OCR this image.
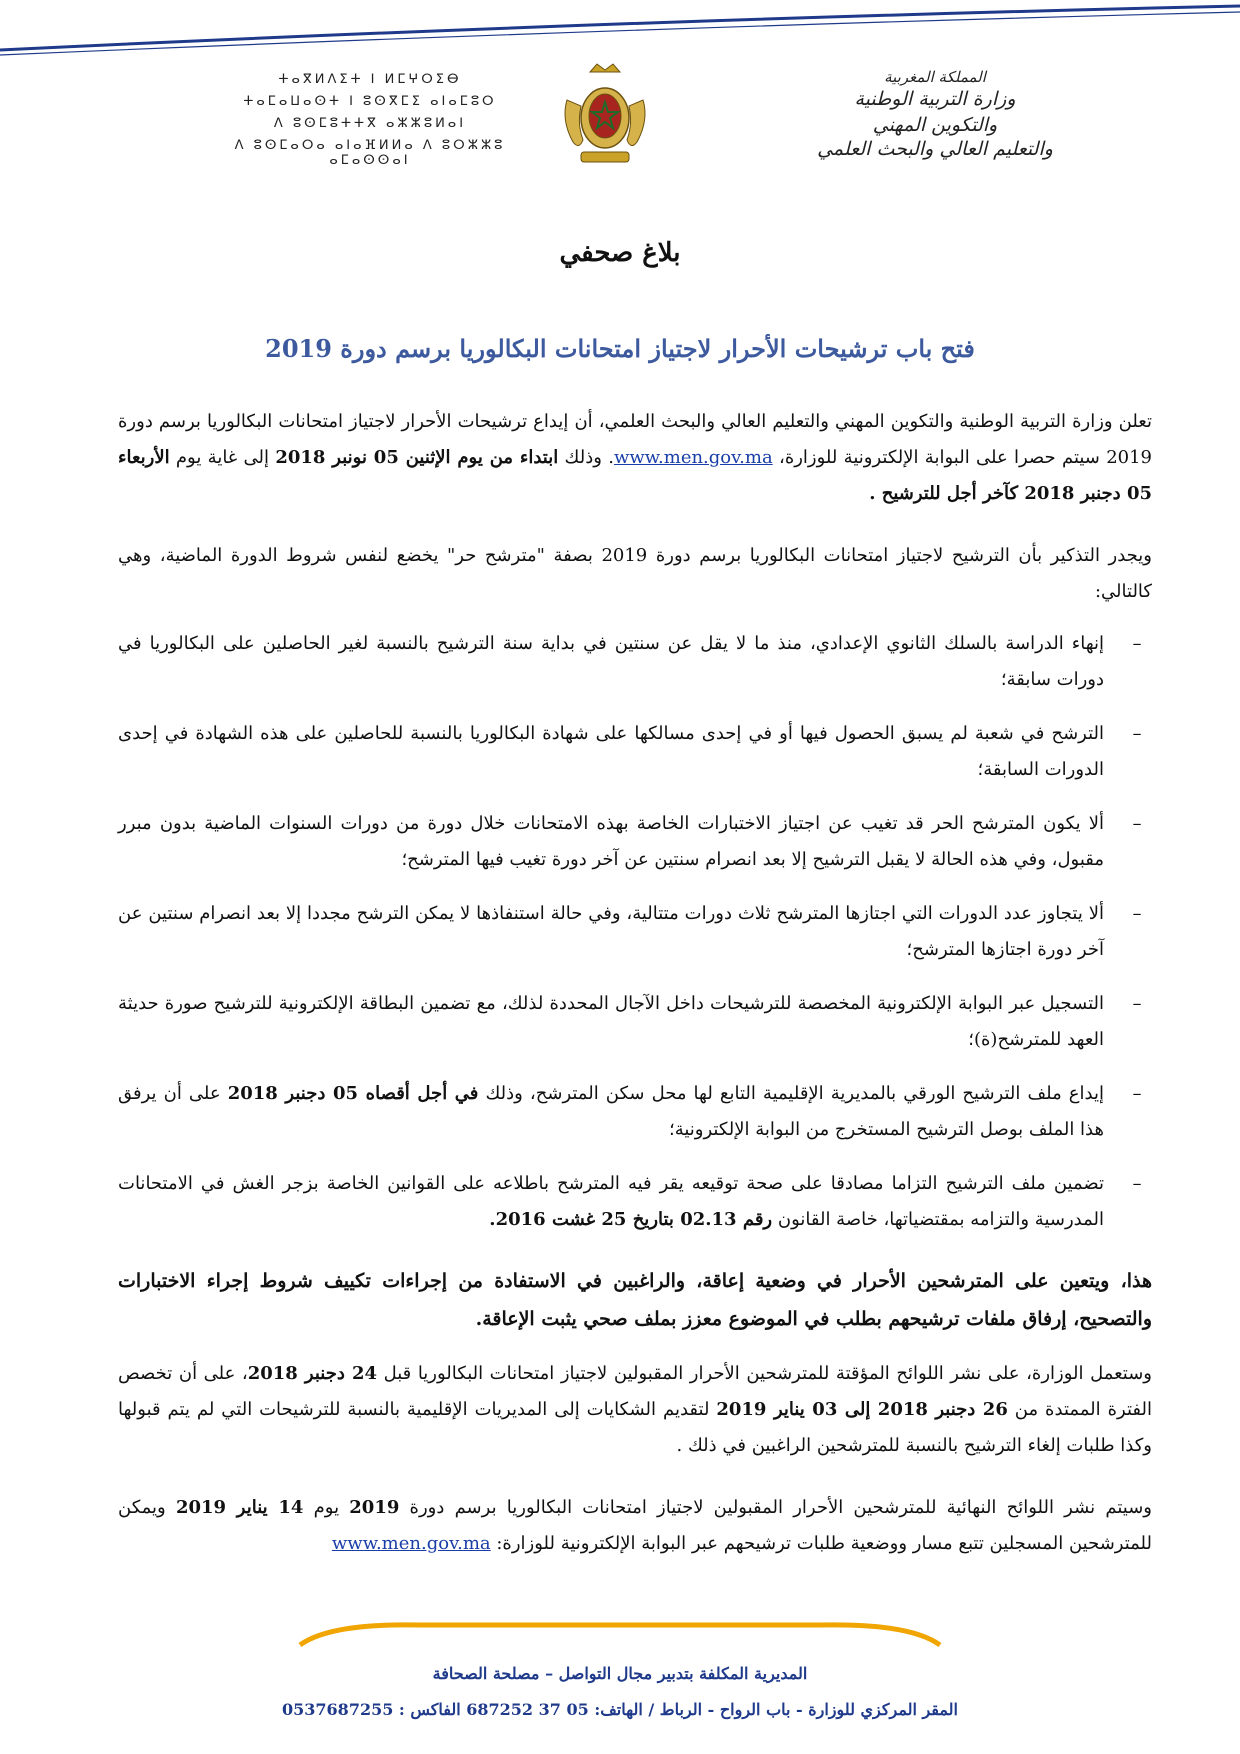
ⵜⴰⴳⵍⴷⵉⵜ ⵏ ⵍⵎⵖⵔⵉⴱ
ⵜⴰⵎⴰⵡⴰⵙⵜ ⵏ ⵓⵙⴳⵎⵉ ⴰⵏⴰⵎⵓⵔ
ⴷ ⵓⵙⵎⵓⵜⵜⴳ ⴰⵣⵣⵓⵍⴰⵏ
ⴷ ⵓⵙⵎⴰⵔⴰ ⴰⵏⴰⴼⵍⵍⴰ ⴷ ⵓⵔⵣⵣⵓ ⴰⵎⴰⵙⵙⴰⵏ
المملكة المغربية
وزارة التربية الوطنية
والتكوين المهني
والتعليم العالي والبحث العلمي
بلاغ صحفي
فتح باب ترشيحات الأحرار لاجتياز امتحانات البكالوريا برسم دورة 2019
تعلن وزارة التربية الوطنية والتكوين المهني والتعليم العالي والبحث العلمي، أن إيداع ترشيحات الأحرار لاجتياز امتحانات البكالوريا برسم دورة 2019 سيتم حصرا على البوابة الإلكترونية للوزارة، www.men.gov.ma. وذلك ابتداء من يوم الإثنين 05 نونبر 2018 إلى غاية يوم الأربعاء 05 دجنبر 2018 كآخر أجل للترشيح .
ويجدر التذكير بأن الترشيح لاجتياز امتحانات البكالوريا برسم دورة 2019 بصفة "مترشح حر" يخضع لنفس شروط الدورة الماضية، وهي كالتالي:
–
إنهاء الدراسة بالسلك الثانوي الإعدادي، منذ ما لا يقل عن سنتين في بداية سنة الترشيح بالنسبة لغير الحاصلين على البكالوريا في دورات سابقة؛
–
الترشح في شعبة لم يسبق الحصول فيها أو في إحدى مسالكها على شهادة البكالوريا بالنسبة للحاصلين على هذه الشهادة في إحدى الدورات السابقة؛
–
ألا يكون المترشح الحر قد تغيب عن اجتياز الاختبارات الخاصة بهذه الامتحانات خلال دورة من دورات السنوات الماضية بدون مبرر مقبول، وفي هذه الحالة لا يقبل الترشيح إلا بعد انصرام سنتين عن آخر دورة تغيب فيها المترشح؛
–
ألا يتجاوز عدد الدورات التي اجتازها المترشح ثلاث دورات متتالية، وفي حالة استنفاذها لا يمكن الترشح مجددا إلا بعد انصرام سنتين عن آخر دورة اجتازها المترشح؛
–
التسجيل عبر البوابة الإلكترونية المخصصة للترشيحات داخل الآجال المحددة لذلك، مع تضمين البطاقة الإلكترونية للترشيح صورة حديثة العهد للمترشح(ة)؛
–
إيداع ملف الترشيح الورقي بالمديرية الإقليمية التابع لها محل سكن المترشح، وذلك في أجل أقصاه 05 دجنبر 2018 على أن يرفق هذا الملف بوصل الترشيح المستخرج من البوابة الإلكترونية؛
–
تضمين ملف الترشيح التزاما مصادقا على صحة توقيعه يقر فيه المترشح باطلاعه على القوانين الخاصة بزجر الغش في الامتحانات المدرسية والتزامه بمقتضياتها، خاصة القانون رقم 02.13 بتاريخ 25 غشت 2016.
هذا، ويتعين على المترشحين الأحرار في وضعية إعاقة، والراغبين في الاستفادة من إجراءات تكييف شروط إجراء الاختبارات والتصحيح، إرفاق ملفات ترشيحهم بطلب في الموضوع معزز بملف صحي يثبت الإعاقة.
وستعمل الوزارة، على نشر اللوائح المؤقتة للمترشحين الأحرار المقبولين لاجتياز امتحانات البكالوريا قبل 24 دجنبر 2018، على أن تخصص الفترة الممتدة من 26 دجنبر 2018 إلى 03 يناير 2019 لتقديم الشكايات إلى المديريات الإقليمية بالنسبة للترشيحات التي لم يتم قبولها وكذا طلبات إلغاء الترشيح بالنسبة للمترشحين الراغبين في ذلك .
وسيتم نشر اللوائح النهائية للمترشحين الأحرار المقبولين لاجتياز امتحانات البكالوريا برسم دورة 2019 يوم 14 يناير 2019 ويمكن للمترشحين المسجلين تتبع مسار ووضعية طلبات ترشيحهم عبر البوابة الإلكترونية للوزارة: www.men.gov.ma
المديرية المكلفة بتدبير مجال التواصل – مصلحة الصحافة
المقر المركزي للوزارة - باب الرواح - الرباط / الهاتف: 05 37 687252 الفاكس : 0537687255
